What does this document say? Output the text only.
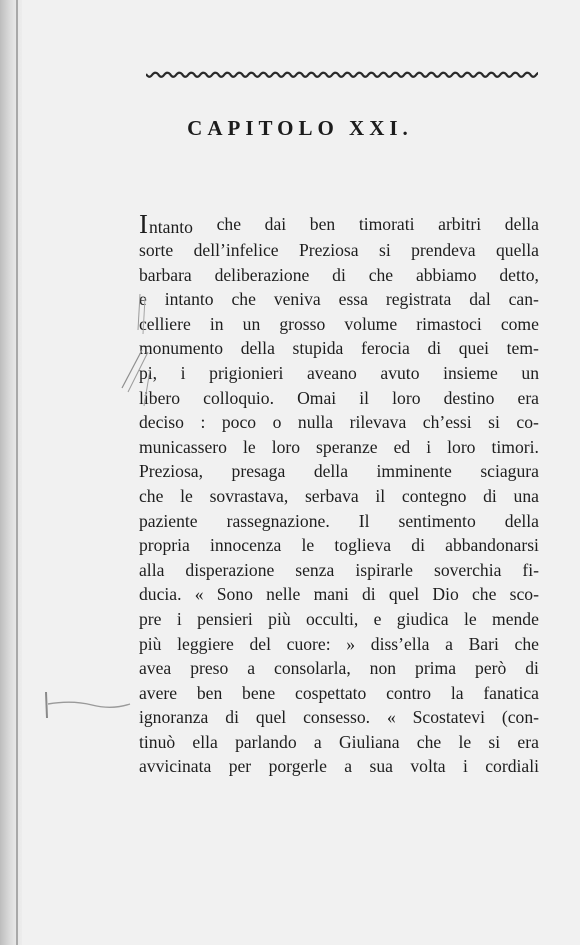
CAPITOLO XXI.
Intanto che dai ben timorati arbitri della
sorte dell’infelice Preziosa si prendeva quella
barbara deliberazione di che abbiamo detto,
e intanto che veniva essa registrata dal can-
celliere in un grosso volume rimastoci come
monumento della stupida ferocia di quei tem-
pi, i prigionieri aveano avuto insieme un
libero colloquio. Omai il loro destino era
deciso : poco o nulla rilevava ch’essi si co-
municassero le loro speranze ed i loro timori.
Preziosa, presaga della imminente sciagura
che le sovrastava, serbava il contegno di una
paziente rassegnazione. Il sentimento della
propria innocenza le toglieva di abbandonarsi
alla disperazione senza ispirarle soverchia fi-
ducia. « Sono nelle mani di quel Dio che sco-
pre i pensieri più occulti, e giudica le mende
più leggiere del cuore: » diss’ella a Bari che
avea preso a consolarla, non prima però di
avere ben bene cospettato contro la fanatica
ignoranza di quel consesso. « Scostatevi (con-
tinuò ella parlando a Giuliana che le si era
avvicinata per porgerle a sua volta i cordiali
